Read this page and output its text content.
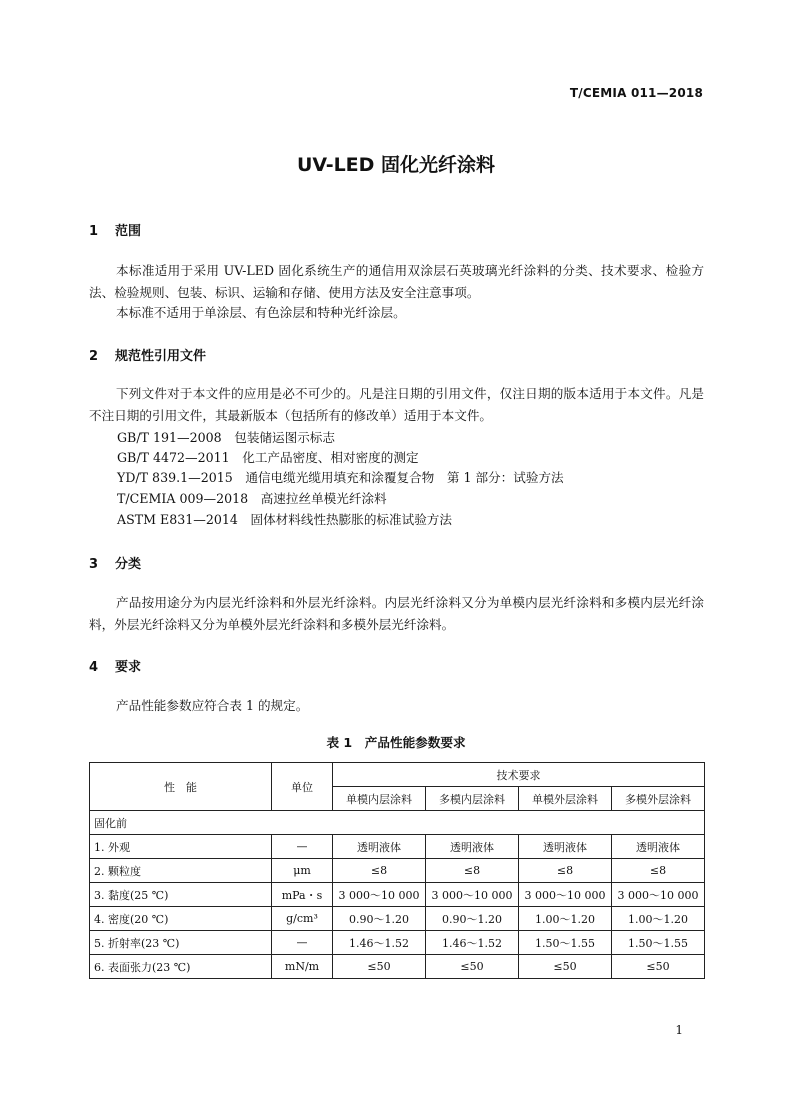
T/CEMIA 011—2018
UV-LED 固化光纤涂料
1 范围
本标准适用于采用 UV-LED 固化系统生产的通信用双涂层石英玻璃光纤涂料的分类、技术要求、检验方法、检验规则、包装、标识、运输和存储、使用方法及安全注意事项。
本标准不适用于单涂层、有色涂层和特种光纤涂层。
2 规范性引用文件
下列文件对于本文件的应用是必不可少的。凡是注日期的引用文件，仅注日期的版本适用于本文件。凡是不注日期的引用文件，其最新版本（包括所有的修改单）适用于本文件。
GB/T 191—2008　包装储运图示标志
GB/T 4472—2011　化工产品密度、相对密度的测定
YD/T 839.1—2015　通信电缆光缆用填充和涂覆复合物　第 1 部分：试验方法
T/CEMIA 009—2018　高速拉丝单模光纤涂料
ASTM E831—2014　固体材料线性热膨胀的标准试验方法
3 分类
产品按用途分为内层光纤涂料和外层光纤涂料。内层光纤涂料又分为单模内层光纤涂料和多模内层光纤涂料，外层光纤涂料又分为单模外层光纤涂料和多模外层光纤涂料。
4 要求
产品性能参数应符合表 1 的规定。
表 1　产品性能参数要求
性　能	单位	技术要求			
		单模内层涂料	多模内层涂料	单模外层涂料	多模外层涂料
固化前					
1. 外观	—	透明液体	透明液体	透明液体	透明液体
2. 颗粒度	μm	≤8	≤8	≤8	≤8
3. 黏度(25 ℃)	mPa・s	3 000～10 000	3 000～10 000	3 000～10 000	3 000～10 000
4. 密度(20 ℃)	g/cm³	0.90～1.20	0.90～1.20	1.00～1.20	1.00～1.20
5. 折射率(23 ℃)	—	1.46～1.52	1.46～1.52	1.50～1.55	1.50～1.55
6. 表面张力(23 ℃)	mN/m	≤50	≤50	≤50	≤50
1
